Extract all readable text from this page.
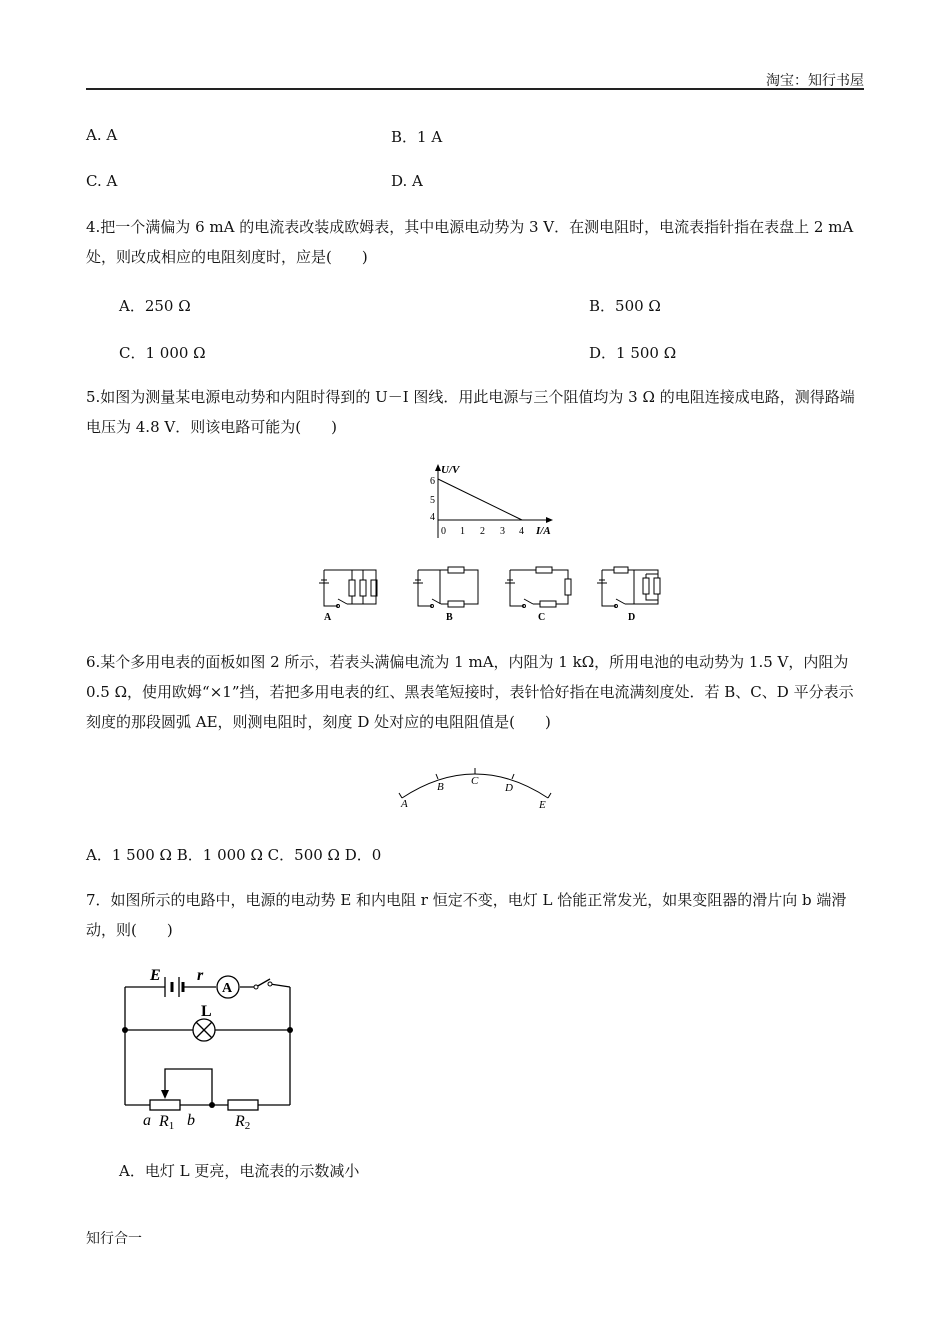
淘宝：知行书屋
A. A	B．1 A
C. A	D. A
4.把一个满偏为 6 mA 的电流表改装成欧姆表，其中电源电动势为 3 V．在测电阻时，电流表指针指在表盘上 2 mA 处，则改成相应的电阻刻度时，应是(　　)
A．250 Ω	B．500 Ω
C．1 000 Ω	D．1 500 Ω
5.如图为测量某电源电动势和内阻时得到的 U－I 图线．用此电源与三个阻值均为 3 Ω 的电阻连接成电路，测得路端电压为 4.8 V．则该电路可能为(　　)
U/V
I/A
6
5
4
0 1 2 3 4
A	B	C	D
6.某个多用电表的面板如图 2 所示，若表头满偏电流为 1 mA，内阻为 1 kΩ，所用电池的电动势为 1.5 V，内阻为 0.5 Ω，使用欧姆“×1”挡，若把多用电表的红、黑表笔短接时，表针恰好指在电流满刻度处．若 B、C、D 平分表示刻度的那段圆弧 AE，则测电阻时，刻度 D 处对应的电阻阻值是(　　)
A
B C
D
E
A．1 500 Ω B．1 000 Ω C．500 Ω D．0
7．如图所示的电路中，电源的电动势 E 和内电阻 r 恒定不变，电灯 L 恰能正常发光，如果变阻器的滑片向 b 端滑动，则(　　)
A
E r
L
a R1 b	R2
A．电灯 L 更亮，电流表的示数减小
知行合一
